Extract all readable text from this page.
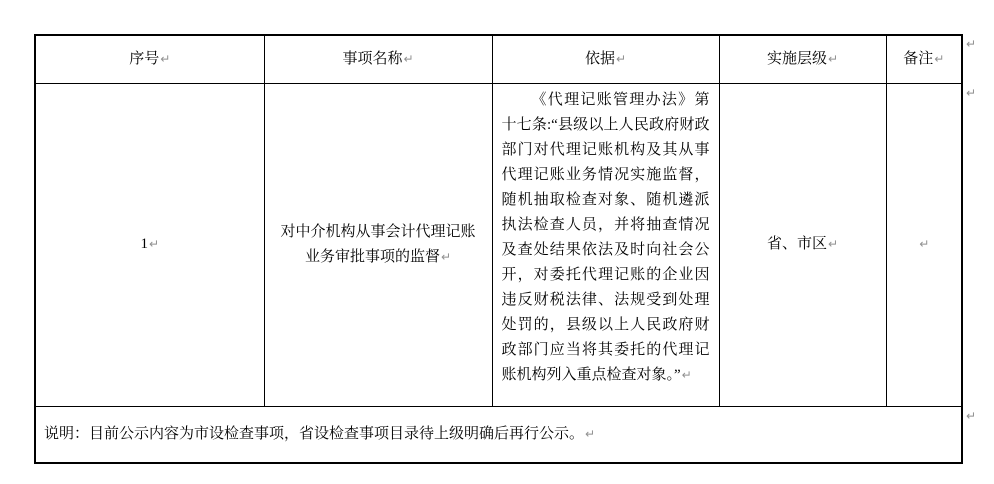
序号↵	事项名称↵	依据↵	实施层级↵	备注↵
1↵	对中介机构从事会计代理记账业务审批事项的监督↵	《代理记账管理办法》第十七条:“县级以上人民政府财政部门对代理记账机构及其从事代理记账业务情况实施监督，随机抽取检查对象、随机遴派执法检查人员，并将抽查情况及查处结果依法及时向社会公开，对委托代理记账的企业因违反财税法律、法规受到处理处罚的，县级以上人民政府财政部门应当将其委托的代理记账机构列入重点检查对象。”↵	省、市区↵	↵
说明：目前公示内容为市设检查事项，省设检查事项目录待上级明确后再行公示。↵				
↵
↵
↵
